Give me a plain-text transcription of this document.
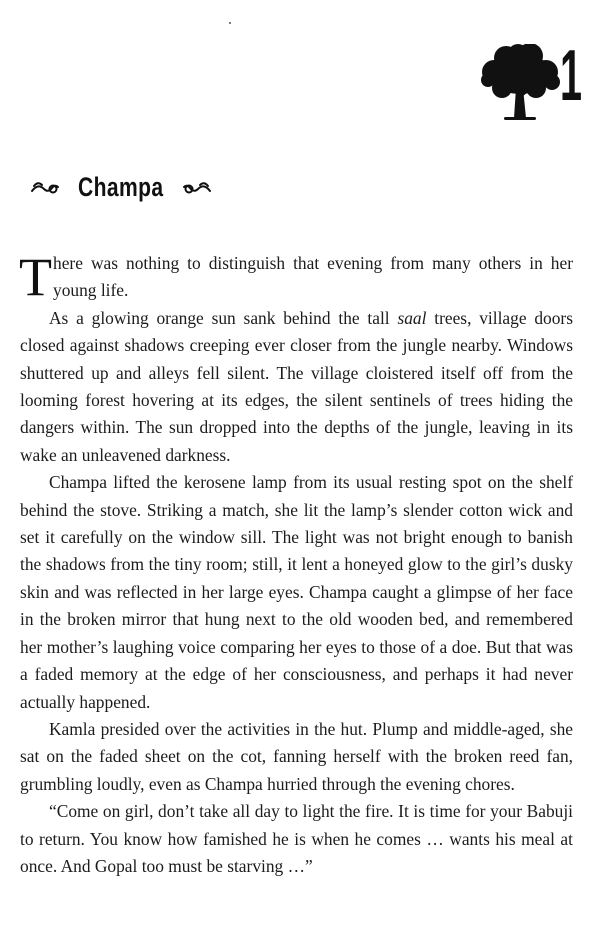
1
Champa

There was nothing to distinguish that evening from many others in her young life.

As a glowing orange sun sank behind the tall saal trees, village doors closed against shadows creeping ever closer from the jungle nearby. Windows shuttered up and alleys fell silent. The village cloistered itself off from the looming forest hovering at its edges, the silent sentinels of trees hiding the dangers within. The sun dropped into the depths of the jungle, leaving in its wake an unleavened darkness.

Champa lifted the kerosene lamp from its usual resting spot on the shelf behind the stove. Striking a match, she lit the lamp’s slender cotton wick and set it carefully on the window sill. The light was not bright enough to banish the shadows from the tiny room; still, it lent a honeyed glow to the girl’s dusky skin and was reflected in her large eyes. Champa caught a glimpse of her face in the broken mirror that hung next to the old wooden bed, and remembered her mother’s laughing voice comparing her eyes to those of a doe. But that was a faded memory at the edge of her consciousness, and perhaps it had never actually happened.

Kamla presided over the activities in the hut. Plump and middle-aged, she sat on the faded sheet on the cot, fanning herself with the broken reed fan, grumbling loudly, even as Champa hurried through the evening chores.

“Come on girl, don’t take all day to light the fire. It is time for your Babuji to return. You know how famished he is when he comes … wants his meal at once. And Gopal too must be starving …”
